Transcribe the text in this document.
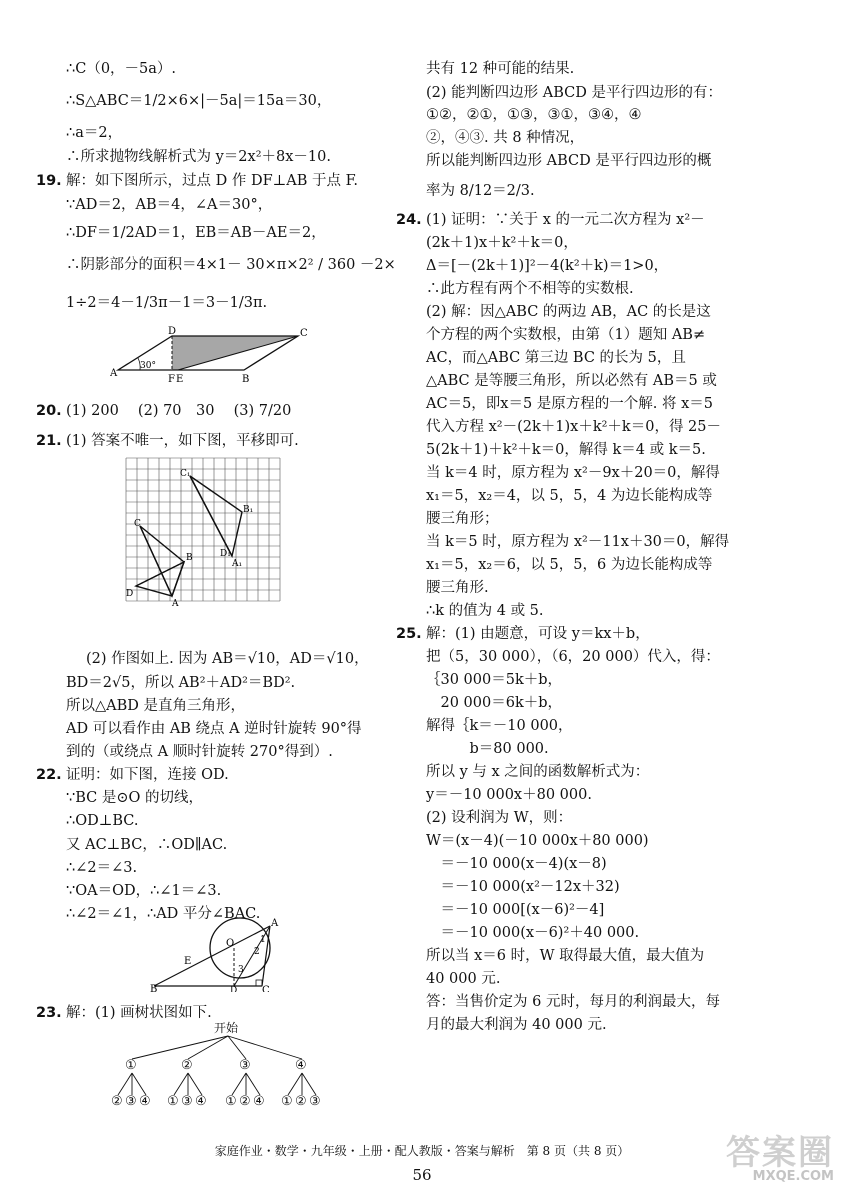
∴C（0，－5a）.
∴S△ABC＝1/2×6×|－5a|＝15a＝30，
∴a＝2，
∴所求抛物线解析式为 y＝2x²＋8x－10.
19. 解：如下图所示，过点 D 作 DF⊥AB 于点 F.
∵AD＝2，AB＝4，∠A＝30°，
∴DF＝1/2AD＝1，EB＝AB－AE＝2，
∴阴影部分的面积＝4×1－ 30×π×2² / 360 －2×
1÷2＝4－1/3π－1＝3－1/3π.
20. (1) 200　 (2) 70　30　 (3) 7/20
21. (1) 答案不唯一，如下图，平移即可.
(2) 作图如上. 因为 AB＝√10，AD＝√10，
BD＝2√5，所以 AB²＋AD²＝BD².
所以△ABD 是直角三角形，
AD 可以看作由 AB 绕点 A 逆时针旋转 90°得
到的（或绕点 A 顺时针旋转 270°得到）.
22. 证明：如下图，连接 OD.
∵BC 是⊙O 的切线，
∴OD⊥BC.
又 AC⊥BC，∴OD∥AC.
∴∠2＝∠3.
∵OA＝OD，∴∠1＝∠3.
∴∠2＝∠1，∴AD 平分∠BAC.
23. 解：(1) 画树状图如下.
共有 12 种可能的结果.
(2) 能判断四边形 ABCD 是平行四边形的有：
①②，②①，①③，③①，③④，④
②，④③. 共 8 种情况，
所以能判断四边形 ABCD 是平行四边形的概
率为 8/12＝2/3.
24. (1) 证明：∵关于 x 的一元二次方程为 x²－
(2k＋1)x＋k²＋k＝0，
Δ＝[－(2k＋1)]²－4(k²＋k)＝1>0，
∴此方程有两个不相等的实数根.
(2) 解：因△ABC 的两边 AB，AC 的长是这
个方程的两个实数根，由第（1）题知 AB≠
AC，而△ABC 第三边 BC 的长为 5，且
△ABC 是等腰三角形，所以必然有 AB＝5 或
AC＝5，即x＝5 是原方程的一个解. 将 x＝5
代入方程 x²－(2k＋1)x＋k²＋k＝0，得 25－
5(2k＋1)＋k²＋k＝0，解得 k＝4 或 k＝5.
当 k＝4 时，原方程为 x²－9x＋20＝0，解得
x₁＝5，x₂＝4，以 5，5，4 为边长能构成等
腰三角形；
当 k＝5 时，原方程为 x²－11x＋30＝0，解得
x₁＝5，x₂＝6，以 5，5，6 为边长能构成等
腰三角形.
∴k 的值为 4 或 5.
25. 解：(1) 由题意，可设 y＝kx＋b，
把（5，30 000），（6，20 000）代入，得：
｛30 000＝5k＋b，
　20 000＝6k＋b，
解得｛k＝－10 000，
　　　b＝80 000.
所以 y 与 x 之间的函数解析式为：
y＝－10 000x＋80 000.
(2) 设利润为 W，则：
W＝(x－4)(－10 000x＋80 000)
　＝－10 000(x－4)(x－8)
　＝－10 000(x²－12x＋32)
　＝－10 000[(x－6)²－4]
　＝－10 000(x－6)²＋40 000.
所以当 x＝6 时，W 取得最大值，最大值为
40 000 元.
答：当售价定为 6 元时，每月的利润最大，每
月的最大利润为 40 000 元.
D	C
A
F E	B
30°
C₁
B₁
D₁
A₁
C
B
D
A
A
O
D
E
B	C
1
2
3
开始
①
② ③ ④
②
① ③ ④
③
① ② ④
④
① ② ③
家庭作业・数学・九年级・上册・配人教版・答案与解析　第 8 页（共 8 页）
56
答案圈
MXQE.COM
